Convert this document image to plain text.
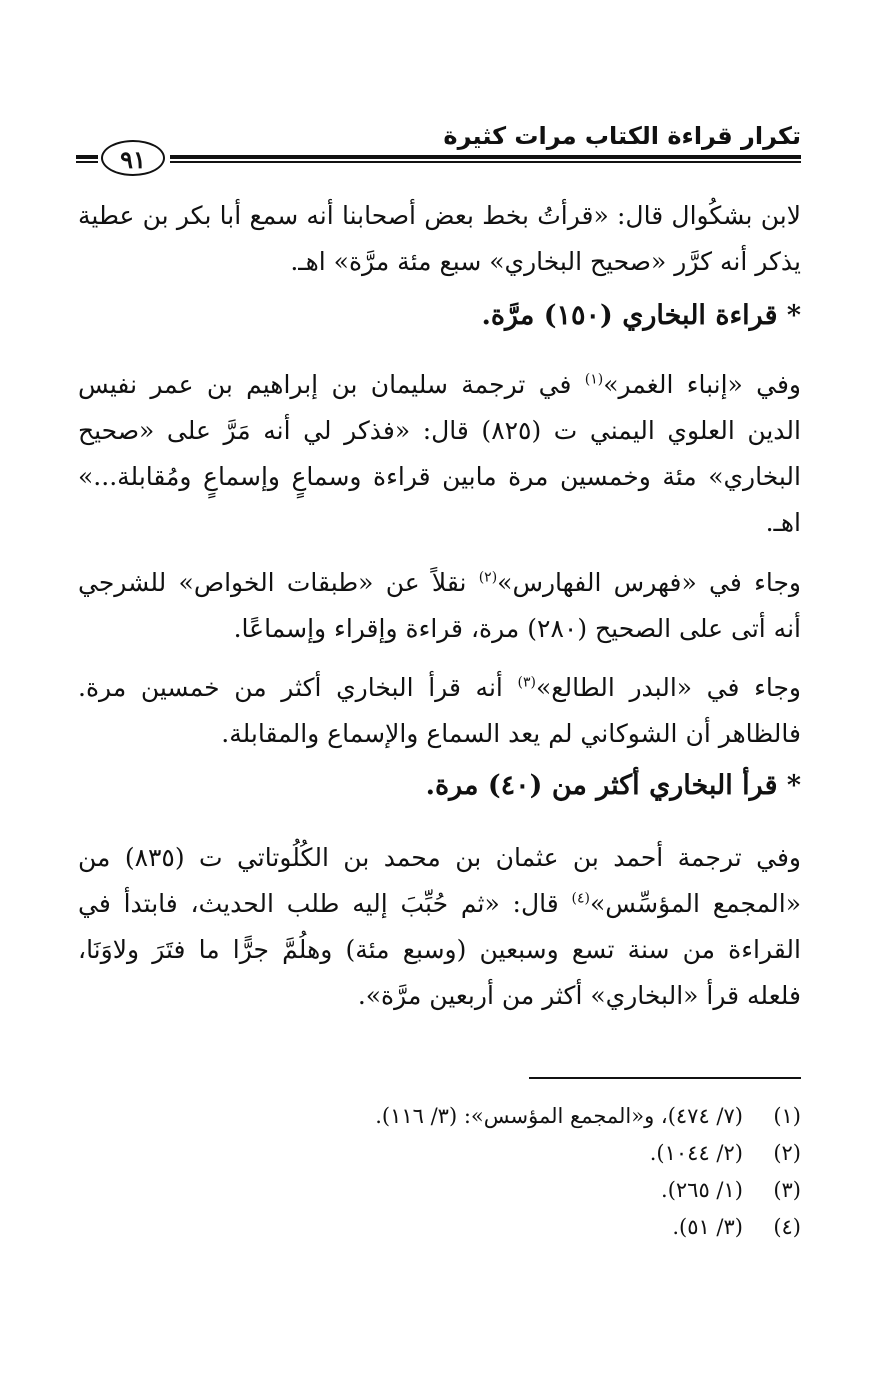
تكرار قراءة الكتاب مرات كثيرة
٩١

لابن بشكُوال قال: «قرأتُ بخط بعض أصحابنا أنه سمع أبا بكر بن عطية يذكر أنه كرَّر «صحيح البخاري» سبع مئة مرَّة» اهـ.

* قراءة البخاري (١٥٠) مرَّة.

وفي «إنباء الغمر»$^{(١)}$ في ترجمة سليمان بن إبراهيم بن عمر نفيس الدين العلوي اليمني ت (٨٢٥) قال: «فذكر لي أنه مَرَّ على «صحيح البخاري» مئة وخمسين مرة مابين قراءة وسماعٍ وإسماعٍ ومُقابلة...» اهـ.

وجاء في «فهرس الفهارس»$^{(٢)}$ نقلاً عن «طبقات الخواص» للشرجي أنه أتى على الصحيح (٢٨٠) مرة، قراءة وإقراء وإسماعًا.

وجاء في «البدر الطالع»$^{(٣)}$ أنه قرأ البخاري أكثر من خمسين مرة. فالظاهر أن الشوكاني لم يعد السماع والإسماع والمقابلة.

* قرأ البخاري أكثر من (٤٠) مرة.

وفي ترجمة أحمد بن عثمان بن محمد بن الكُلُوتاتي ت (٨٣٥) من «المجمع المؤسِّس»$^{(٤)}$ قال: «ثم حُبِّبَ إليه طلب الحديث، فابتدأ في القراءة من سنة تسع وسبعين (وسبع مئة) وهلُمَّ جرًّا ما فتَرَ ولاوَنَا، فلعله قرأ «البخاري» أكثر من أربعين مرَّة».

(١)
(٧/ ٤٧٤)، و«المجمع المؤسس»: (٣/ ١١٦).
(٢)
(٢/ ١٠٤٤).
(٣)
(١/ ٢٦٥).
(٤)
(٣/ ٥١).
